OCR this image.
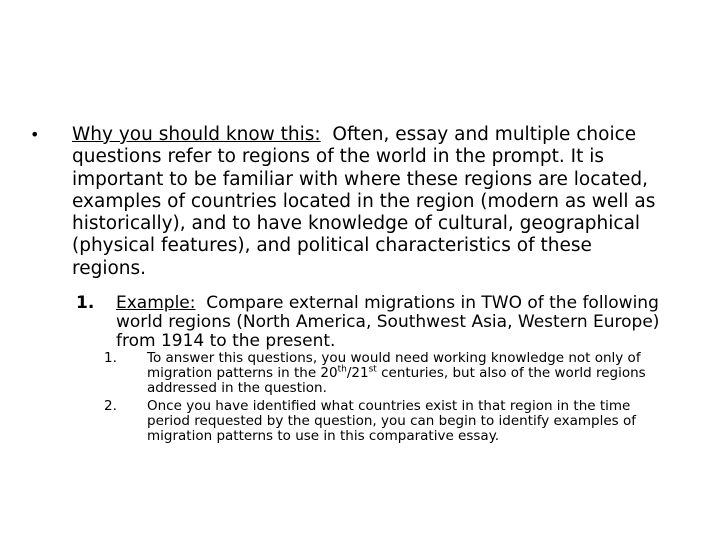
• Why you should know this: Often, essay and multiple choice questions refer to regions of the world in the prompt. It is important to be familiar with where these regions are located, examples of countries located in the region (modern as well as historically), and to have knowledge of cultural, geographical (physical features), and political characteristics of these regions.
1. Example: Compare external migrations in TWO of the following world regions (North America, Southwest Asia, Western Europe) from 1914 to the present.
1. To answer this questions, you would need working knowledge not only of migration patterns in the 20th/21st centuries, but also of the world regions addressed in the question.
2. Once you have identified what countries exist in that region in the time period requested by the question, you can begin to identify examples of migration patterns to use in this comparative essay.
